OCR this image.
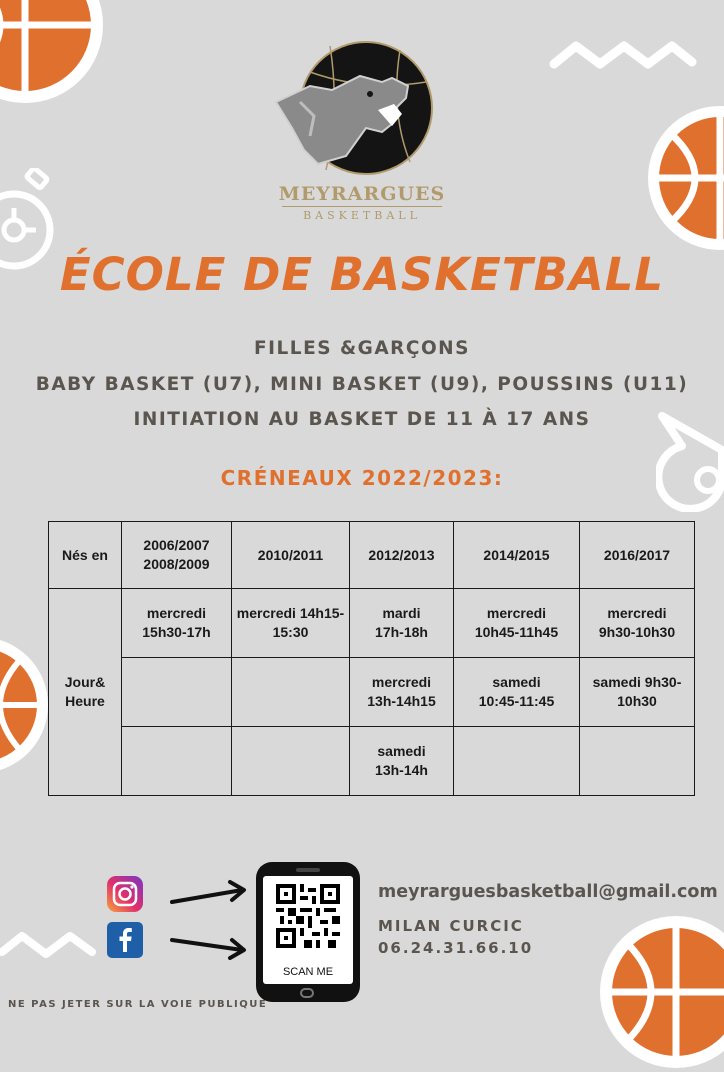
MEYRARGUES
BASKETBALL
ÉCOLE DE BASKETBALL
FILLES &GARÇONS
BABY BASKET (U7), MINI BASKET (U9), POUSSINS (U11)
INITIATION AU BASKET DE 11 À 17 ANS
CRÉNEAUX 2022/2023:
Nés en	2006/2007 2008/2009	2010/2011	2012/2013	2014/2015	2016/2017
Jour& Heure	mercredi 15h30-17h	mercredi 14h15-15:30	mardi 17h-18h	mercredi 10h45-11h45	mercredi 9h30-10h30
			mercredi 13h-14h15	samedi 10:45-11:45	samedi 9h30-10h30
			samedi 13h-14h		
SCAN ME
meyrarguesbasketball@gmail.com
MILAN CURCIC
06.24.31.66.10
NE PAS JETER SUR LA VOIE PUBLIQUE
